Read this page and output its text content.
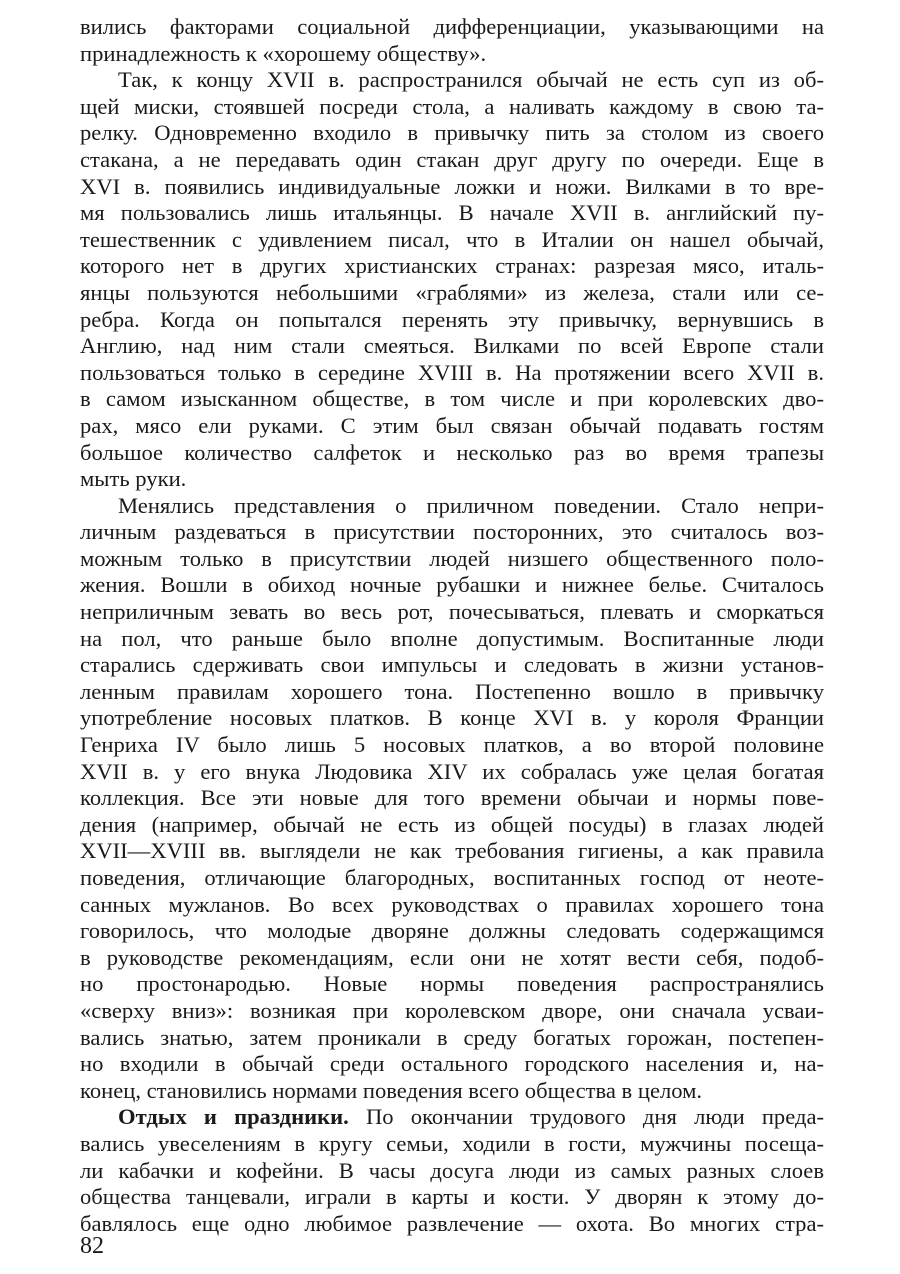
вились факторами социальной дифференциации, указывающими на
принадлежность к «хорошему обществу».
Так, к концу XVII в. распространился обычай не есть суп из об-
щей миски, стоявшей посреди стола, а наливать каждому в свою та-
релку. Одновременно входило в привычку пить за столом из своего
стакана, а не передавать один стакан друг другу по очереди. Еще в
XVI в. появились индивидуальные ложки и ножи. Вилками в то вре-
мя пользовались лишь итальянцы. В начале XVII в. английский пу-
тешественник с удивлением писал, что в Италии он нашел обычай,
которого нет в других христианских странах: разрезая мясо, италь-
янцы пользуются небольшими «граблями» из железа, стали или се-
ребра. Когда он попытался перенять эту привычку, вернувшись в
Англию, над ним стали смеяться. Вилками по всей Европе стали
пользоваться только в середине XVIII в. На протяжении всего XVII в.
в самом изысканном обществе, в том числе и при королевских дво-
рах, мясо ели руками. С этим был связан обычай подавать гостям
большое количество салфеток и несколько раз во время трапезы
мыть руки.
Менялись представления о приличном поведении. Стало непри-
личным раздеваться в присутствии посторонних, это считалось воз-
можным только в присутствии людей низшего общественного поло-
жения. Вошли в обиход ночные рубашки и нижнее белье. Считалось
неприличным зевать во весь рот, почесываться, плевать и сморкаться
на пол, что раньше было вполне допустимым. Воспитанные люди
старались сдерживать свои импульсы и следовать в жизни установ-
ленным правилам хорошего тона. Постепенно вошло в привычку
употребление носовых платков. В конце XVI в. у короля Франции
Генриха IV было лишь 5 носовых платков, а во второй половине
XVII в. у его внука Людовика XIV их собралась уже целая богатая
коллекция. Все эти новые для того времени обычаи и нормы пове-
дения (например, обычай не есть из общей посуды) в глазах людей
XVII—XVIII вв. выглядели не как требования гигиены, а как правила
поведения, отличающие благородных, воспитанных господ от неоте-
санных мужланов. Во всех руководствах о правилах хорошего тона
говорилось, что молодые дворяне должны следовать содержащимся
в руководстве рекомендациям, если они не хотят вести себя, подоб-
но простонародью. Новые нормы поведения распространялись
«сверху вниз»: возникая при королевском дворе, они сначала усваи-
вались знатью, затем проникали в среду богатых горожан, постепен-
но входили в обычай среди остального городского населения и, на-
конец, становились нормами поведения всего общества в целом.
Отдых и праздники. По окончании трудового дня люди преда-
вались увеселениям в кругу семьи, ходили в гости, мужчины посеща-
ли кабачки и кофейни. В часы досуга люди из самых разных слоев
общества танцевали, играли в карты и кости. У дворян к этому до-
бавлялось еще одно любимое развлечение — охота. Во многих стра-
82
